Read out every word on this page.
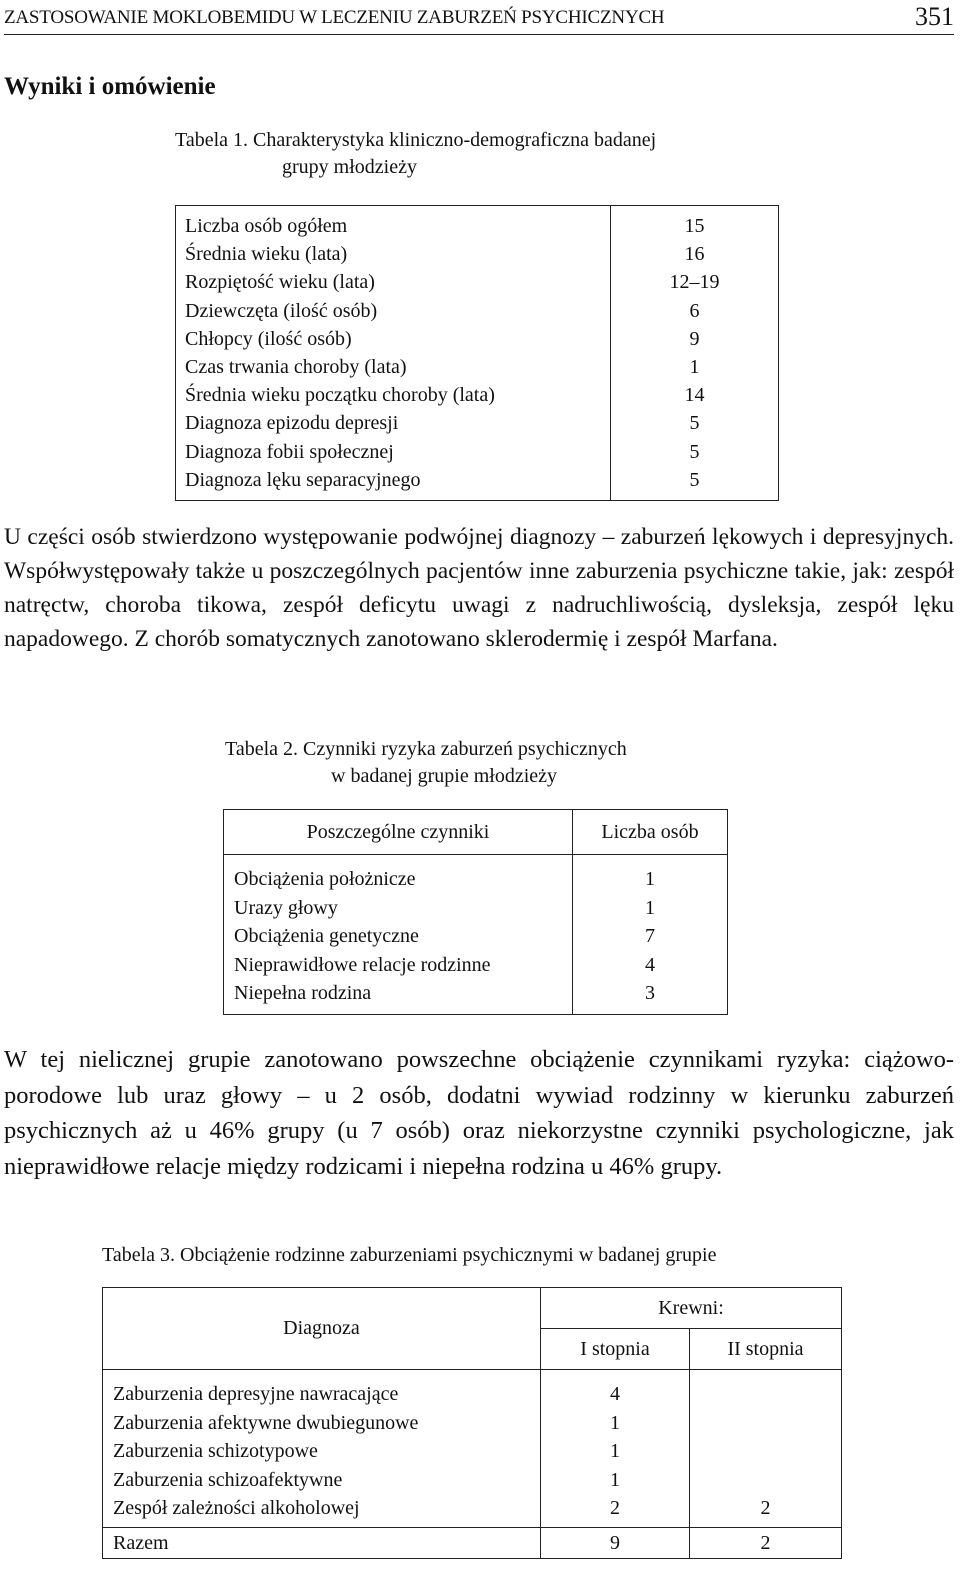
ZASTOSOWANIE MOKLOBEMIDU W LECZENIU ZABURZEŃ PSYCHICZNYCH	351
Wyniki i omówienie
Tabela 1. Charakterystyka kliniczno-demograficzna badanej
grupy młodzieży
Liczba osób ogółem	15
Średnia wieku (lata)	16
Rozpiętość wieku (lata)	12–19
Dziewczęta (ilość osób)	6
Chłopcy (ilość osób)	9
Czas trwania choroby (lata)	1
Średnia wieku początku choroby (lata)	14
Diagnoza epizodu depresji	5
Diagnoza fobii społecznej	5
Diagnoza lęku separacyjnego	5

U części osób stwierdzono występowanie podwójnej diagnozy – zaburzeń lękowych i depresyjnych. Współwystępowały także u poszczególnych pacjentów inne zaburzenia psychiczne takie, jak: zespół natręctw, choroba tikowa, zespół deficytu uwagi z nadruchliwością, dysleksja, zespół lęku napadowego. Z chorób somatycznych zanotowano sklerodermię i zespół Marfana.

Tabela 2. Czynniki ryzyka zaburzeń psychicznych
w badanej grupie młodzieży
Poszczególne czynniki	Liczba osób
Obciążenia położnicze	1
Urazy głowy	1
Obciążenia genetyczne	7
Nieprawidłowe relacje rodzinne	4
Niepełna rodzina	3

W tej nielicznej grupie zanotowano powszechne obciążenie czynnikami ryzyka: ciążowo-porodowe lub uraz głowy – u 2 osób, dodatni wywiad rodzinny w kierunku zaburzeń psychicznych aż u 46% grupy (u 7 osób) oraz niekorzystne czynniki psychologiczne, jak nieprawidłowe relacje między rodzicami i niepełna rodzina u 46% grupy.

Tabela 3. Obciążenie rodzinne zaburzeniami psychicznymi w badanej grupie
Diagnoza	Krewni:	
	I stopnia	II stopnia
Zaburzenia depresyjne nawracające	4	
Zaburzenia afektywne dwubiegunowe	1	
Zaburzenia schizotypowe	1	
Zaburzenia schizoafektywne	1	
Zespół zależności alkoholowej	2	2
Razem	9	2
